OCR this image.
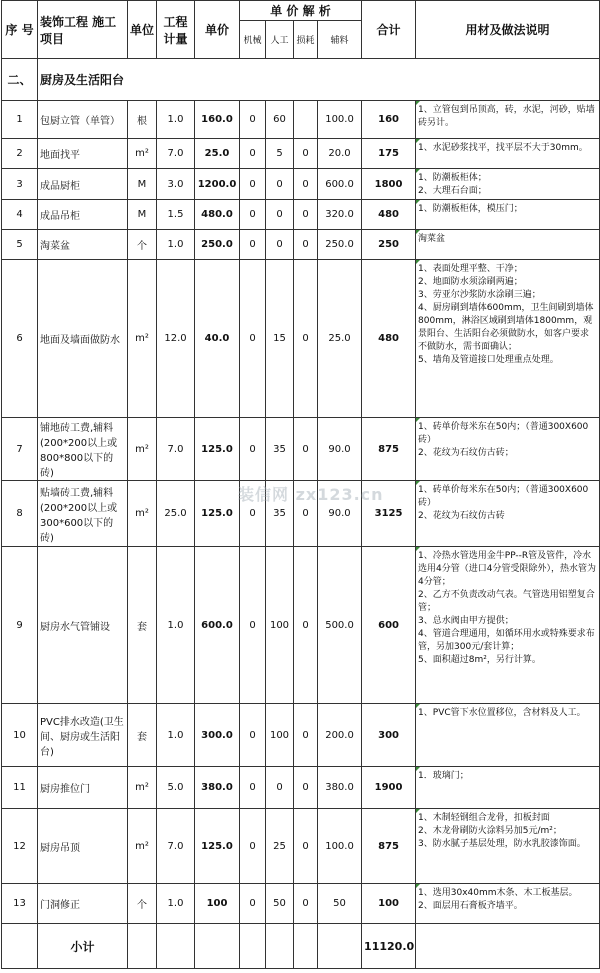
序 号	装饰工程 施工项目	单位	工程 计量	单价	单 价 解 析				合计	用材及做法说明
					机械	人工	损耗	辅料		
二、	厨房及生活阳台									
1	包厨立管（单管）	根	1.0	160.0	0	60		100.0	160	1、立管包到吊顶高，砖，水泥，河砂，贴墙砖另计。

2	地面找平	m²	7.0	25.0	0	5	0	20.0	175	1、水泥砂浆找平，找平层不大于30mm。

3	成品厨柜	M	3.0	1200.0	0	0	0	600.0	1800	1、防潮板柜体；
2、大理石台面；

4	成品吊柜	M	1.5	480.0	0	0	0	320.0	480	1、防潮板柜体，模压门；

5	淘菜盆	个	1.0	250.0	0	0	0	250.0	250	淘菜盆

6	地面及墙面做防水	m²	12.0	40.0	0	15	0	25.0	480	1、表面处理平整、干净；
2、地面防水须涂刷两遍；
3、劳亚尔沙浆防水涂刷三遍；
4、厨房刷到墙体600mm，卫生间刷到墙体800mm，淋浴区域刷到墙体1800mm，观景阳台、生活阳台必须做防水，如客户要求不做防水，需书面确认；
5、墙角及管道接口处理重点处理。

7	铺地砖工费,辅料(200*200以上或800*800以下的砖)	m²	7.0	125.0	0	35	0	90.0	875	1、砖单价每米东在50内；（普通300X600砖）
2、花纹为石纹仿古砖；

8	贴墙砖工费,辅料(200*200以上或300*600以下的砖)	m²	25.0	125.0	0	35	0	90.0	3125	1、砖单价每米东在50内；（普通300X600砖）
2、花纹为石纹仿古砖

9	厨房水气管铺设	套	1.0	600.0	0	100	0	500.0	600	1、冷热水管选用金牛PP--R管及管件，冷水选用4分管（进口4分管受限除外），热水管为4分管；
2、乙方不负责改动气表。气管选用铝塑复合管；
3、总水阀由甲方提供；
4、管道合理通用，如循环用水或特殊要求布管，另加300元/套计算；
5、面积超过8m²，另行计算。

10	PVC排水改造(卫生间、厨房或生活阳台)	套	1.0	300.0	0	100	0	200.0	300	1、PVC管下水位置移位，含材料及人工。

11	厨房推位门	m²	5.0	380.0	0	0	0	380.0	1900	1．玻璃门；

12	厨房吊顶	m²	7.0	125.0	0	25	0	100.0	875	1、木制轻钢组合龙骨，扣板封面
2、木龙骨刷防火涂料另加5元/m²；
3、防水腻子基层处理，防水乳胶漆饰面。

13	门洞修正	个	1.0	100	0	50	0	50	100	1、选用30x40mm木条、木工板基层。
2、面层用石膏板齐墙平。

	小计								11120.0	
装信网 zx123.cn
